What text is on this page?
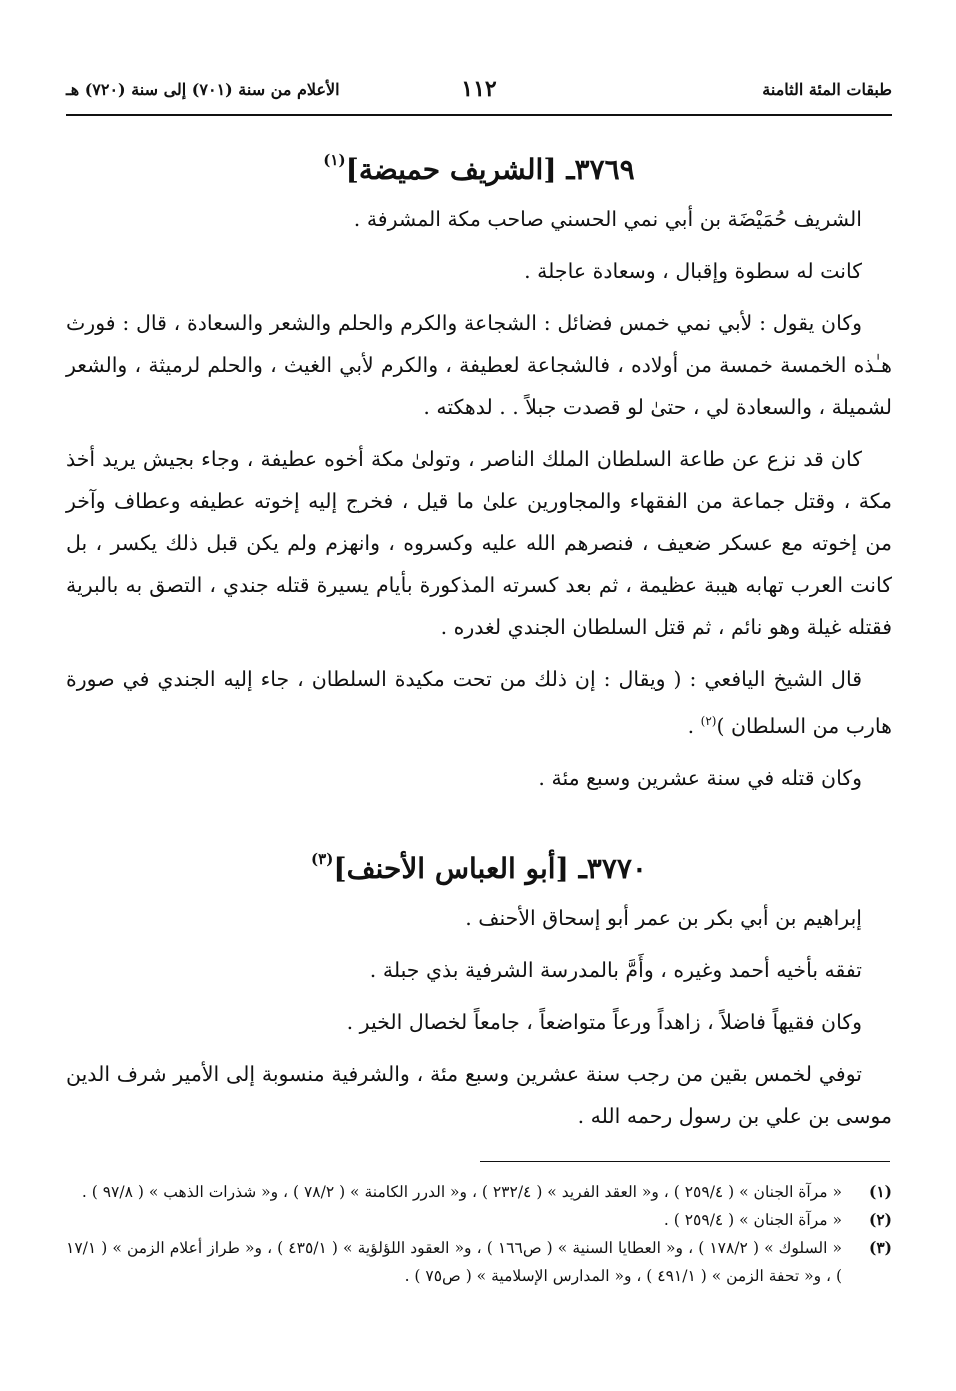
طبقات المئة الثامنة
١١٢
الأعلام من سنة (٧٠١) إلى سنة (٧٢٠) هـ
٣٧٦٩ـ [الشريف حميضة]$^{(١)}$

الشريف حُمَيْضَة بن أبي نمي الحسني صاحب مكة المشرفة .

كانت له سطوة وإقبال ، وسعادة عاجلة .

وكان يقول : لأبي نمي خمس فضائل : الشجاعة والكرم والحلم والشعر والسعادة ، قال : فورث هـٰذه الخمسة خمسة من أولاده ، فالشجاعة لعطيفة ، والكرم لأبي الغيث ، والحلم لرميثة ، والشعر لشميلة ، والسعادة لي ، حتىٰ لو قصدت جبلاً . . لدهكته .

كان قد نزع عن طاعة السلطان الملك الناصر ، وتولىٰ مكة أخوه عطيفة ، وجاء بجيش يريد أخذ مكة ، وقتل جماعة من الفقهاء والمجاورين علىٰ ما قيل ، فخرج إليه إخوته عطيفه وعطاف وآخر من إخوته مع عسكر ضعيف ، فنصرهم الله عليه وكسروه ، وانهزم ولم يكن قبل ذلك يكسر ، بل كانت العرب تهابه هيبة عظيمة ، ثم بعد كسرته المذكورة بأيام يسيرة قتله جندي ، التصق به بالبرية فقتله غيلة وهو نائم ، ثم قتل السلطان الجندي لغدره .

قال الشيخ اليافعي : ( ويقال : إن ذلك من تحت مكيدة السلطان ، جاء إليه الجندي في صورة هارب من السلطان )$^{(٢)}$ .

وكان قتله في سنة عشرين وسبع مئة .

٣٧٧٠ـ [أبو العباس الأحنف]$^{(٣)}$

إبراهيم بن أبي بكر بن عمر أبو إسحاق الأحنف .

تفقه بأخيه أحمد وغيره ، وأَمَّ بالمدرسة الشرفية بذي جبلة .

وكان فقيهاً فاضلاً ، زاهداً ورعاً متواضعاً ، جامعاً لخصال الخير .

توفي لخمس بقين من رجب سنة عشرين وسبع مئة ، والشرفية منسوبة إلى الأمير شرف الدين موسى بن علي بن رسول رحمه الله .

(١)
« مرآة الجنان » ( ٢٥٩/٤ ) ، و« العقد الفريد » ( ٢٣٢/٤ ) ، و« الدرر الكامنة » ( ٧٨/٢ ) ، و« شذرات الذهب » ( ٩٧/٨ ) .

(٢)
« مرآة الجنان » ( ٢٥٩/٤ ) .

(٣)
« السلوك » ( ١٧٨/٢ ) ، و« العطايا السنية » ( ص١٦٦ ) ، و« العقود اللؤلؤية » ( ٤٣٥/١ ) ، و« طراز أعلام الزمن » ( ١٧/١ ) ، و« تحفة الزمن » ( ٤٩١/١ ) ، و« المدارس الإسلامية » ( ص٧٥ ) .
